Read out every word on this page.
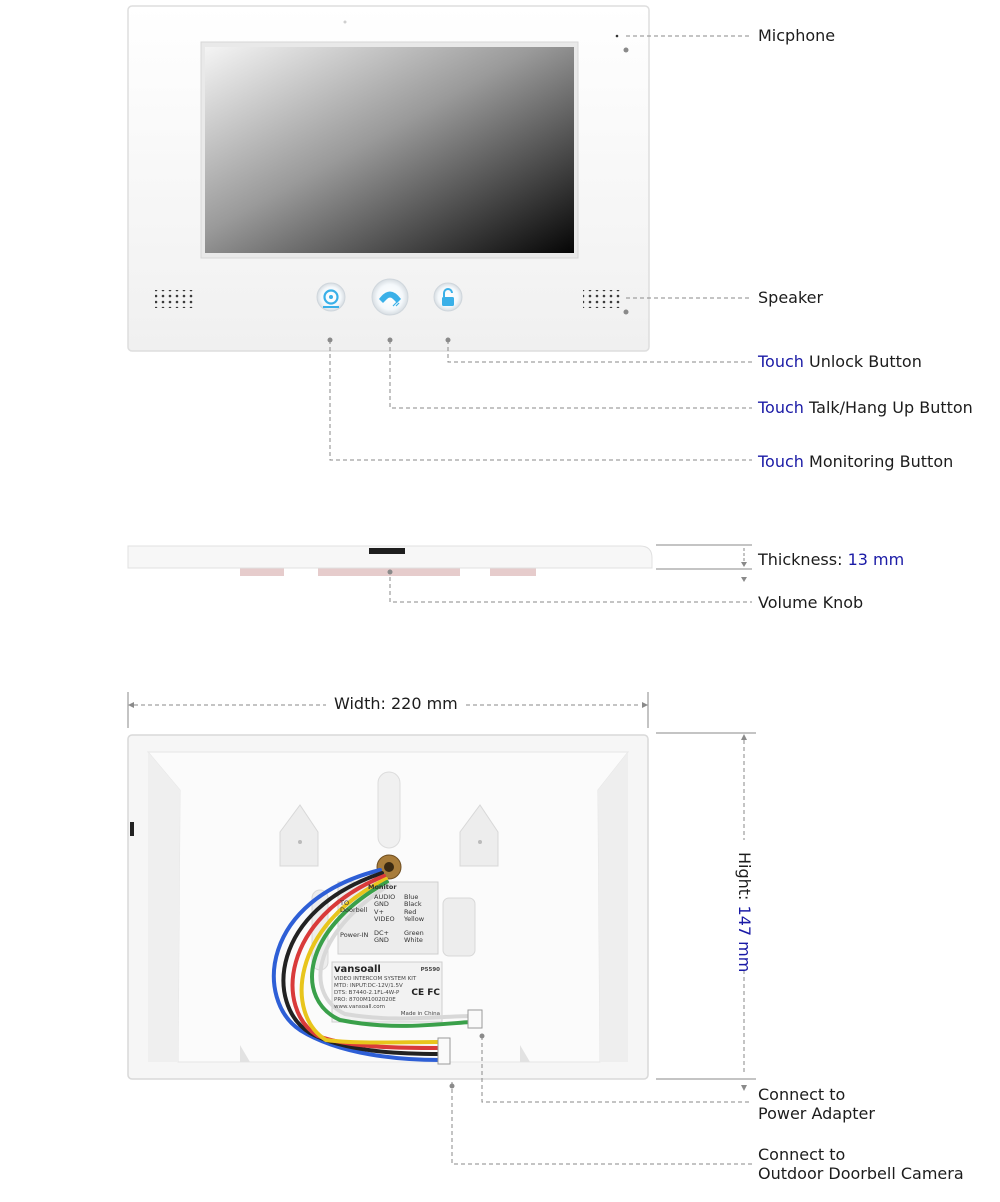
Monitor
TO Doorbell
AUDIO
GND
V+
VIDEO
Blue
Black
Red
Yellow
Power-IN DC+
GND
Green
White
vansoall	P5590
VIDEO INTERCOM SYSTEM KIT
MTD: INPUT:DC-12V/1.5V
DTS: B7440-2.1FL-4W-P
PRO: 8700M1002020E
www.vansoall.com
CE FC
Made in China
Micphone
Speaker
Touch Unlock Button
Touch Talk/Hang Up Button
Touch Monitoring Button
Thickness: 13 mm
Volume Knob
Width: 220 mm
Hight: 147 mm
Connect to
Power Adapter
Connect to
Outdoor Doorbell Camera
